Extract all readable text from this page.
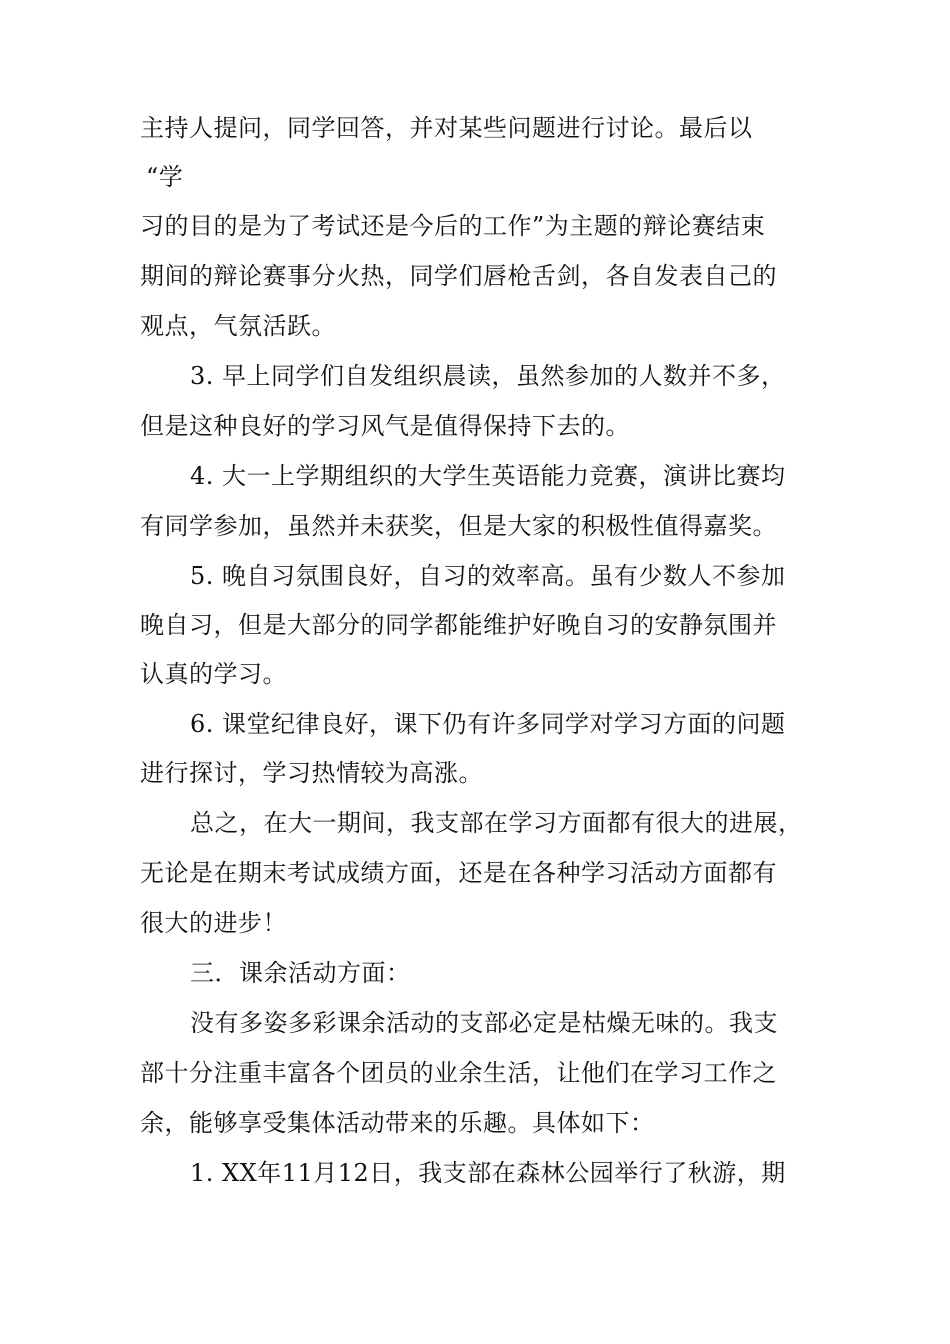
主持人提问，同学回答，并对某些问题进行讨论。最后以
“学
习的目的是为了考试还是今后的工作”为主题的辩论赛结束
期间的辩论赛事分火热，同学们唇枪舌剑，各自发表自己的
观点，气氛活跃。
3. 早上同学们自发组织晨读，虽然参加的人数并不多，
但是这种良好的学习风气是值得保持下去的。
4. 大一上学期组织的大学生英语能力竞赛，演讲比赛均
有同学参加，虽然并未获奖，但是大家的积极性值得嘉奖。
5. 晚自习氛围良好，自习的效率高。虽有少数人不参加
晚自习，但是大部分的同学都能维护好晚自习的安静氛围并
认真的学习。
6. 课堂纪律良好，课下仍有许多同学对学习方面的问题
进行探讨，学习热情较为高涨。
总之，在大一期间，我支部在学习方面都有很大的进展，
无论是在期末考试成绩方面，还是在各种学习活动方面都有
很大的进步！
三．课余活动方面：
没有多姿多彩课余活动的支部必定是枯燥无味的。我支
部十分注重丰富各个团员的业余生活，让他们在学习工作之
余，能够享受集体活动带来的乐趣。具体如下：
1. XX年11月12日，我支部在森林公园举行了秋游，期
